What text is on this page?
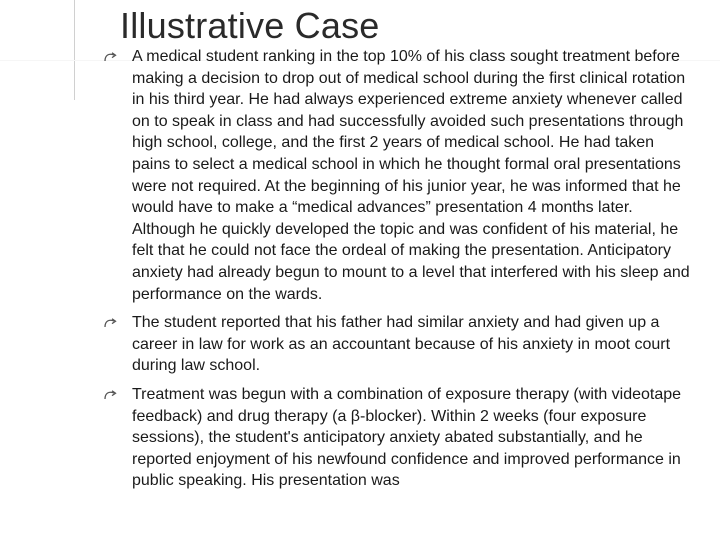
Illustrative Case
A medical student ranking in the top 10% of his class sought treatment before making a decision to drop out of medical school during the first clinical rotation in his third year. He had always experienced extreme anxiety whenever called on to speak in class and had successfully avoided such presentations through high school, college, and the first 2 years of medical school. He had taken pains to select a medical school in which he thought formal oral presentations were not required. At the beginning of his junior year, he was informed that he would have to make a “medical advances” presentation 4 months later. Although he quickly developed the topic and was confident of his material, he felt that he could not face the ordeal of making the presentation. Anticipatory anxiety had already begun to mount to a level that interfered with his sleep and performance on the wards.
The student reported that his father had similar anxiety and had given up a career in law for work as an accountant because of his anxiety in moot court during law school.
Treatment was begun with a combination of exposure therapy (with videotape feedback) and drug therapy (a β-blocker). Within 2 weeks (four exposure sessions), the student's anticipatory anxiety abated substantially, and he reported enjoyment of his newfound confidence and improved performance in public speaking. His presentation was
